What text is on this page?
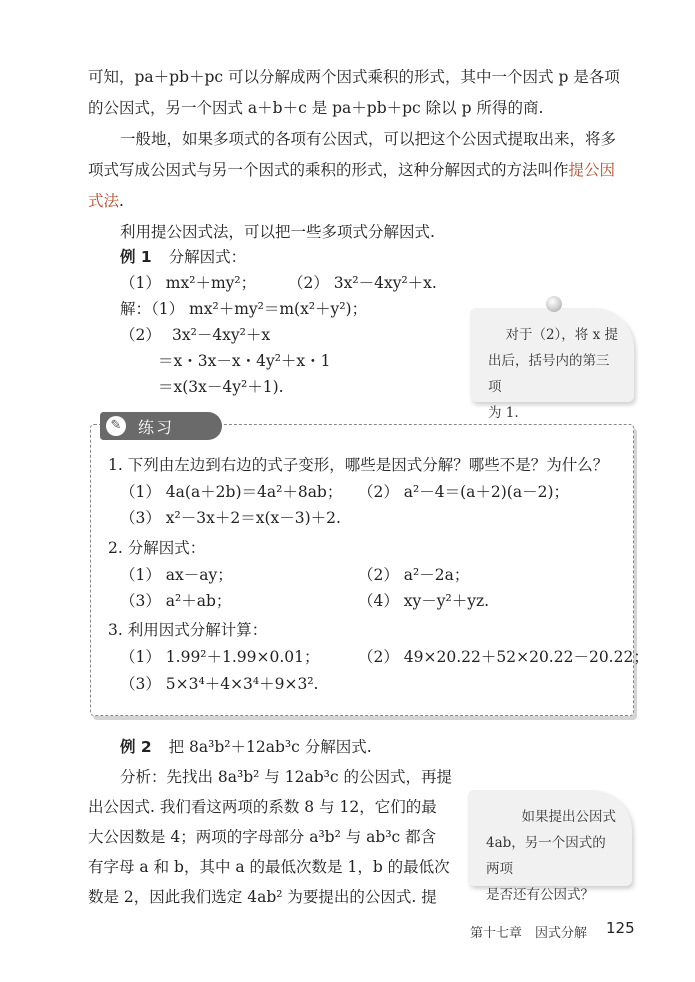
可知，pa＋pb＋pc 可以分解成两个因式乘积的形式，其中一个因式 p 是各项
的公因式，另一个因式 a＋b＋c 是 pa＋pb＋pc 除以 p 所得的商.
一般地，如果多项式的各项有公因式，可以把这个公因式提取出来，将多
项式写成公因式与另一个因式的乘积的形式，这种分解因式的方法叫作提公因
式法.
利用提公因式法，可以把一些多项式分解因式.
例 1 分解因式：
（1） mx²＋my²； （2） 3x²－4xy²＋x.
解：（1） mx²＋my²＝m(x²＋y²)；
（2） 3x²－4xy²＋x
＝x・3x－x・4y²＋x・1
＝x(3x－4y²＋1).
对于（2），将 x 提
出后，括号内的第三项
为 1.
✎ 练习
1. 下列由左边到右边的式子变形，哪些是因式分解？哪些不是？为什么？
（1） 4a(a＋2b)＝4a²＋8ab； （2） a²－4＝(a＋2)(a－2)；
（3） x²－3x＋2＝x(x－3)＋2.
2. 分解因式：
（1） ax－ay；	（2） a²－2a；
（3） a²＋ab；	（4） xy－y²＋yz.
3. 利用因式分解计算：
（1） 1.99²＋1.99×0.01； （2） 49×20.22＋52×20.22－20.22；
（3） 5×3⁴＋4×3⁴＋9×3².
例 2 把 8a³b²＋12ab³c 分解因式.
分析：先找出 8a³b² 与 12ab³c 的公因式，再提
出公因式. 我们看这两项的系数 8 与 12，它们的最
大公因数是 4；两项的字母部分 a³b² 与 ab³c 都含
有字母 a 和 b，其中 a 的最低次数是 1，b 的最低次
数是 2，因此我们选定 4ab² 为要提出的公因式. 提
如果提出公因式
4ab，另一个因式的两项
是否还有公因式？
第十七章　因式分解 125
